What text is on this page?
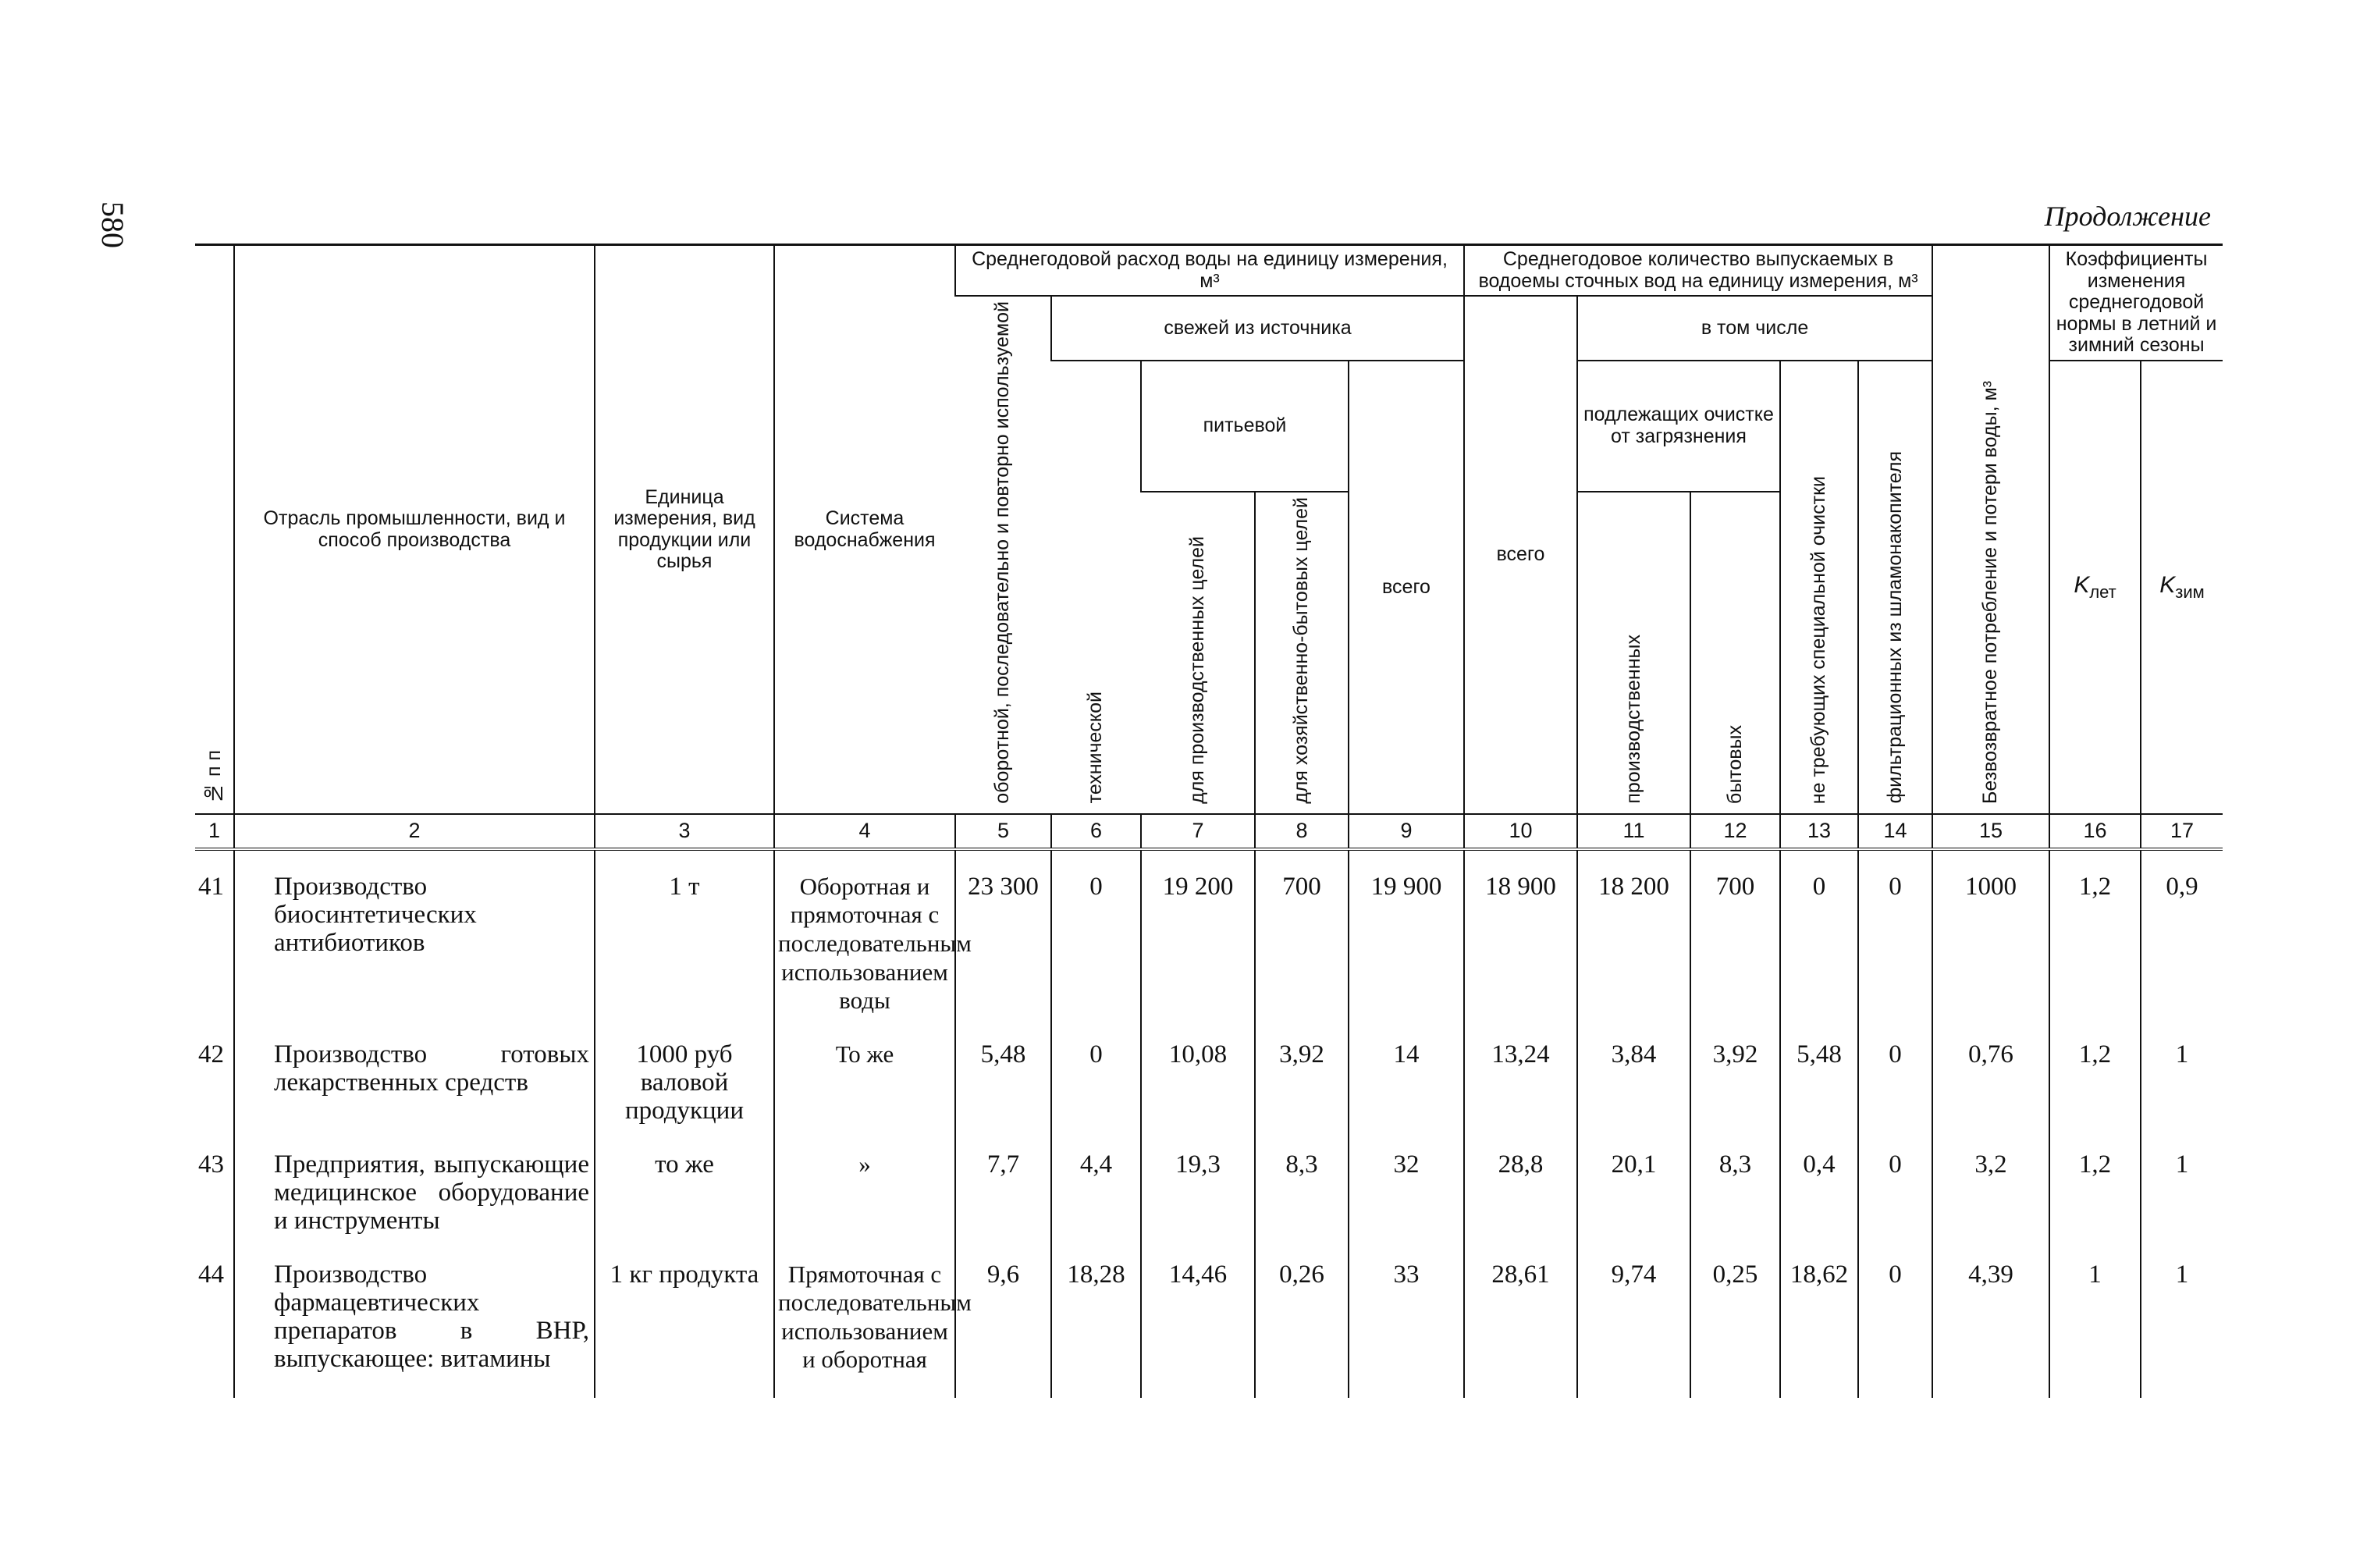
580	Продолжение
№ п п	Отрасль промышленности, вид и способ производства	Единица измерения, вид продукции или сырья	Система водоснабжения	Среднегодовой расход воды на единицу измерения, м³					Среднегодовое количество выпускаемых в водоемы сточных вод на единицу измерения, м³					Безвозвратное потребление и потери воды, м³	Коэффициенты изменения среднегодовой нормы в летний и зимний сезоны	
				оборотной, последовательно и повторно используемой	свежей из источника				всего	в том числе						
					технической	питьевой		всего		подлежащих очистке от загрязнения		не требующих специальной очистки	фильтрационных из шламонакопителя		$K_{лет}$	$K_{зим}$
						для производственных целей	для хозяйственно-бытовых целей			производственных	бытовых					
1	2	3	4	5	6	7	8	9	10	11	12	13	14	15	16	17
41	Производство биосинтетических антибиотиков	1 т	Оборотная и прямоточная с последовательным использованием воды	23 300	0	19 200	700	19 900	18 900	18 200	700	0	0	1000	1,2	0,9
42	Производство готовых лекарственных средств	1000 руб валовой продукции	То же	5,48	0	10,08	3,92	14	13,24	3,84	3,92	5,48	0	0,76	1,2	1
43	Предприятия, выпускающие медицинское оборудование и инструменты	то же	»	7,7	4,4	19,3	8,3	32	28,8	20,1	8,3	0,4	0	3,2	1,2	1
44	Производство фармацевтических препаратов в ВНР, выпускающее: витамины	1 кг продукта	Прямоточная с последовательным использованием и оборотная	9,6	18,28	14,46	0,26	33	28,61	9,74	0,25	18,62	0	4,39	1	1
